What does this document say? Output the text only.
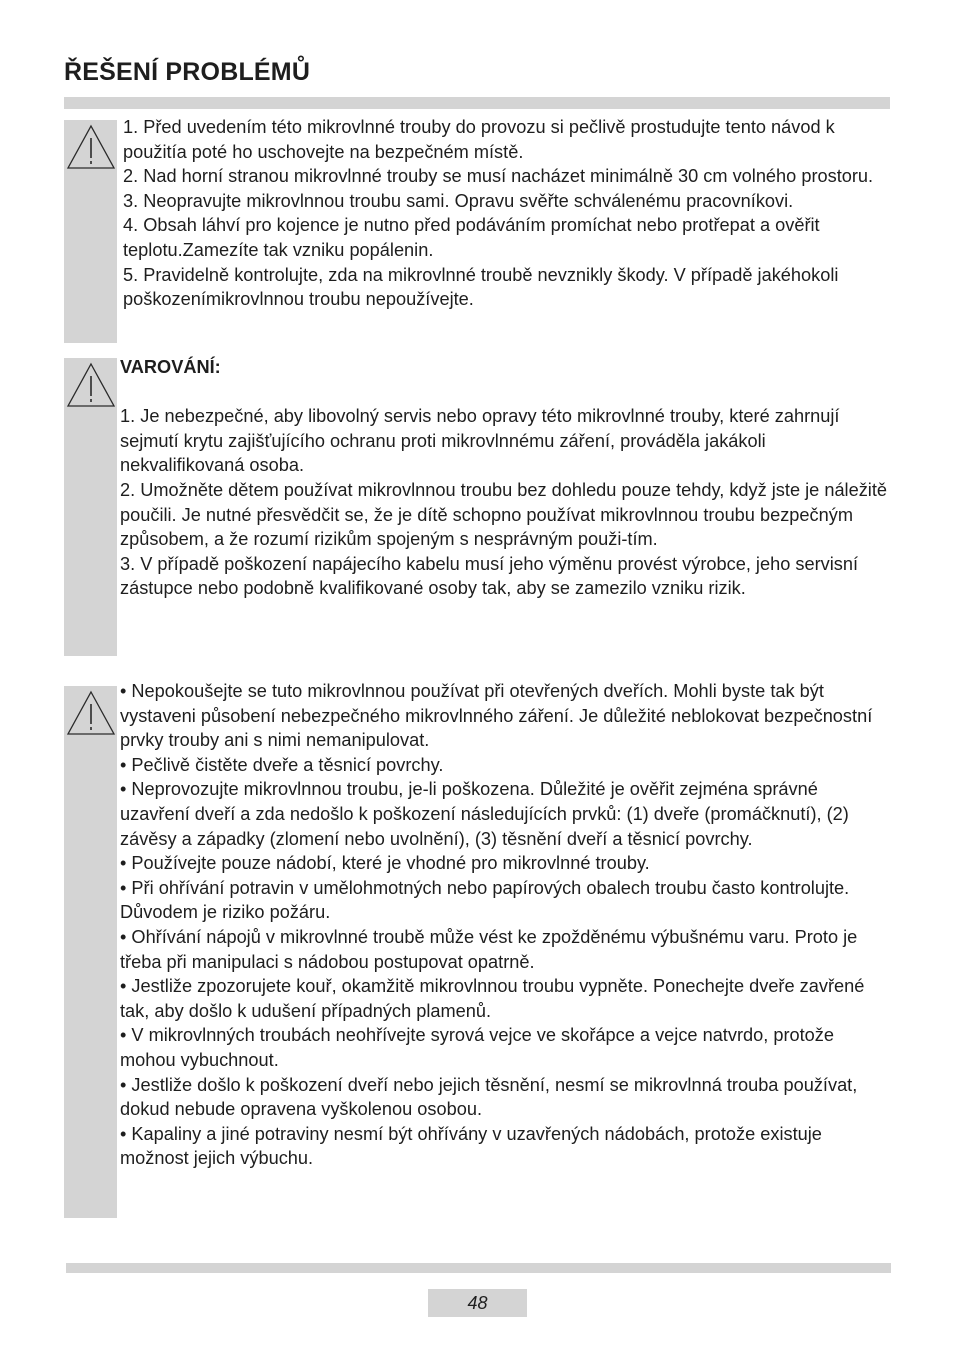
ŘEŠENÍ PROBLÉMŮ

1. Před uvedením této mikrovlnné trouby do provozu si pečlivě prostudujte tento návod k použitía poté ho uschovejte na bezpečném místě.

2. Nad horní stranou mikrovlnné trouby se musí nacházet minimálně 30 cm volného prostoru.

3. Neopravujte mikrovlnnou troubu sami. Opravu svěřte schválenému pracovníkovi.

4. Obsah láhví pro kojence je nutno před podáváním promíchat nebo protřepat a ověřit teplotu.Zamezíte tak vzniku popálenin.

5. Pravidelně kontrolujte, zda na mikrovlnné troubě nevznikly škody. V případě jakéhokoli poškozenímikrovlnnou troubu nepoužívejte.

VAROVÁNÍ:

1. Je nebezpečné, aby libovolný servis nebo opravy této mikrovlnné trouby, které zahrnují sejmutí krytu zajišťujícího ochranu proti mikrovlnnému záření, prováděla jakákoli nekvalifikovaná osoba.

2. Umožněte dětem používat mikrovlnnou troubu bez dohledu pouze tehdy, když jste je náležitě poučili. Je nutné přesvědčit se, že je dítě schopno používat mikrovlnnou troubu bezpečným způsobem, a že rozumí rizikům spojeným s nesprávným použi-tím.

3. V případě poškození napájecího kabelu musí jeho výměnu provést výrobce, jeho servisní zástupce nebo podobně kvalifikované osoby tak, aby se zamezilo vzniku rizik.

• Nepokoušejte se tuto mikrovlnnou používat při otevřených dveřích. Mohli byste tak být vystaveni působení nebezpečného mikrovlnného záření. Je důležité neblokovat bezpečnostní prvky trouby ani s nimi nemanipulovat.

• Pečlivě čistěte dveře a těsnicí povrchy.

• Neprovozujte mikrovlnnou troubu, je-li poškozena. Důležité je ověřit zejména správné uzavření dveří a zda nedošlo k poškození následujících prvků: (1) dveře (promáčknutí), (2) závěsy a západky (zlomení nebo uvolnění), (3) těsnění dveří a těsnicí povrchy.

• Používejte pouze nádobí, které je vhodné pro mikrovlnné trouby.

• Při ohřívání potravin v umělohmotných nebo papírových obalech troubu často kontrolujte.

Důvodem je riziko požáru.

• Ohřívání nápojů v mikrovlnné troubě může vést ke zpožděnému výbušnému varu. Proto je třeba při manipulaci s nádobou postupovat opatrně.

• Jestliže zpozorujete kouř, okamžitě mikrovlnnou troubu vypněte. Ponechejte dveře zavřené tak, aby došlo k udušení případných plamenů.

• V mikrovlnných troubách neohřívejte syrová vejce ve skořápce a vejce natvrdo, protože mohou vybuchnout.

• Jestliže došlo k poškození dveří nebo jejich těsnění, nesmí se mikrovlnná trouba používat, dokud nebude opravena vyškolenou osobou.

• Kapaliny a jiné potraviny nesmí být ohřívány v uzavřených nádobách, protože existuje možnost jejich výbuchu.

48
